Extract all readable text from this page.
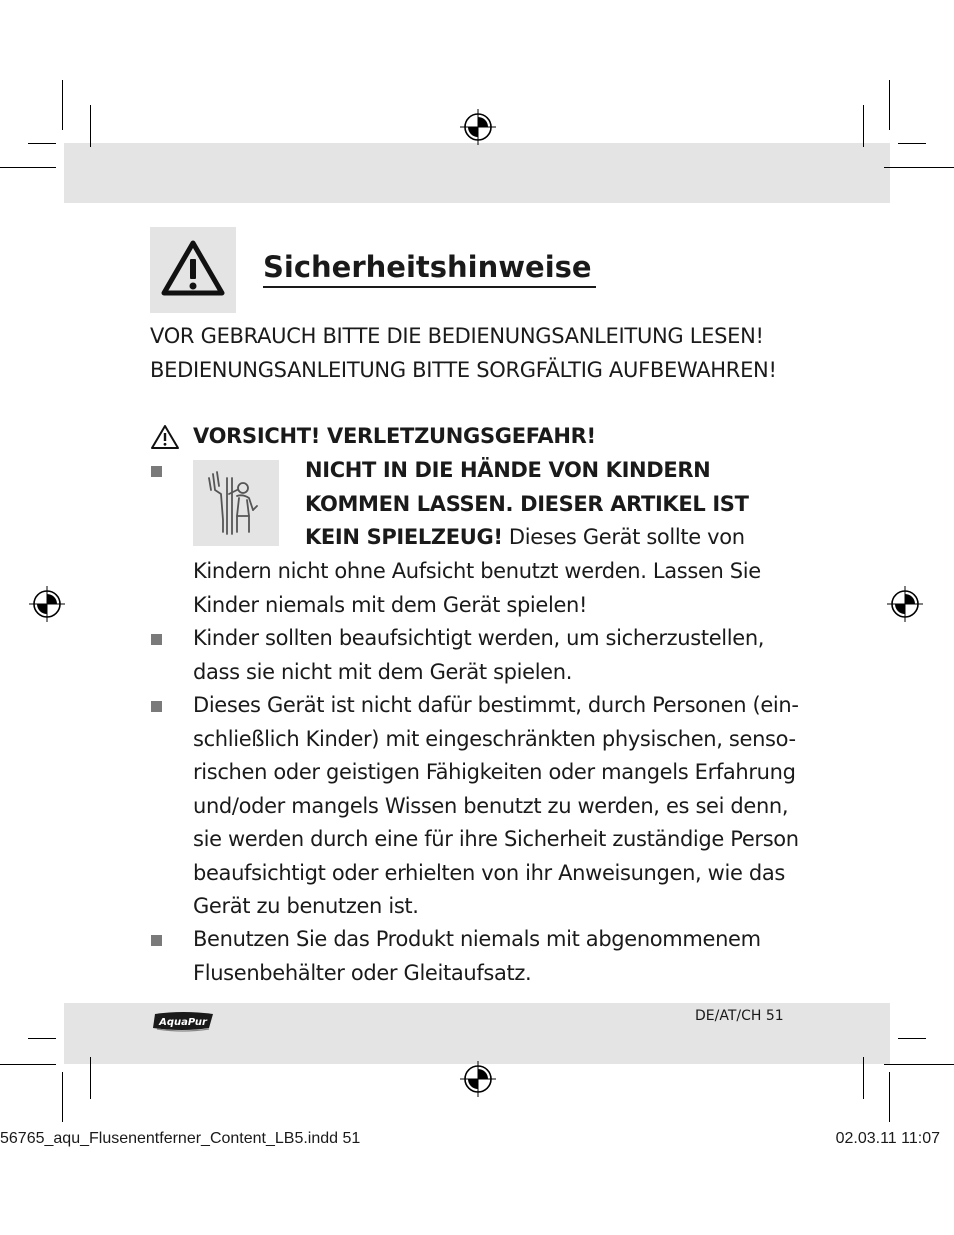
Sicherheitshinweise
VOR GEBRAUCH BITTE DIE BEDIENUNGSANLEITUNG LESEN!
BEDIENUNGSANLEITUNG BITTE SORGFÄLTIG AUFBEWAHREN!
VORSICHT! VERLETZUNGSGEFAHR!
NICHT IN DIE HÄNDE VON KINDERN
KOMMEN LASSEN. DIESER ARTIKEL IST
KEIN SPIELZEUG! Dieses Gerät sollte von
Kindern nicht ohne Aufsicht benutzt werden. Lassen Sie
Kinder niemals mit dem Gerät spielen!
Kinder sollten beaufsichtigt werden, um sicherzustellen,
dass sie nicht mit dem Gerät spielen.
Dieses Gerät ist nicht dafür bestimmt, durch Personen (ein-
schließlich Kinder) mit eingeschränkten physischen, senso-
rischen oder geistigen Fähigkeiten oder mangels Erfahrung
und/oder mangels Wissen benutzt zu werden, es sei denn,
sie werden durch eine für ihre Sicherheit zuständige Person
beaufsichtigt oder erhielten von ihr Anweisungen, wie das
Gerät zu benutzen ist.
Benutzen Sie das Produkt niemals mit abgenommenem
Flusenbehälter oder Gleitaufsatz.
AquaPur	DE/AT/CH 51
56765_aqu_Flusenentferner_Content_LB5.indd 51	02.03.11 11:07
